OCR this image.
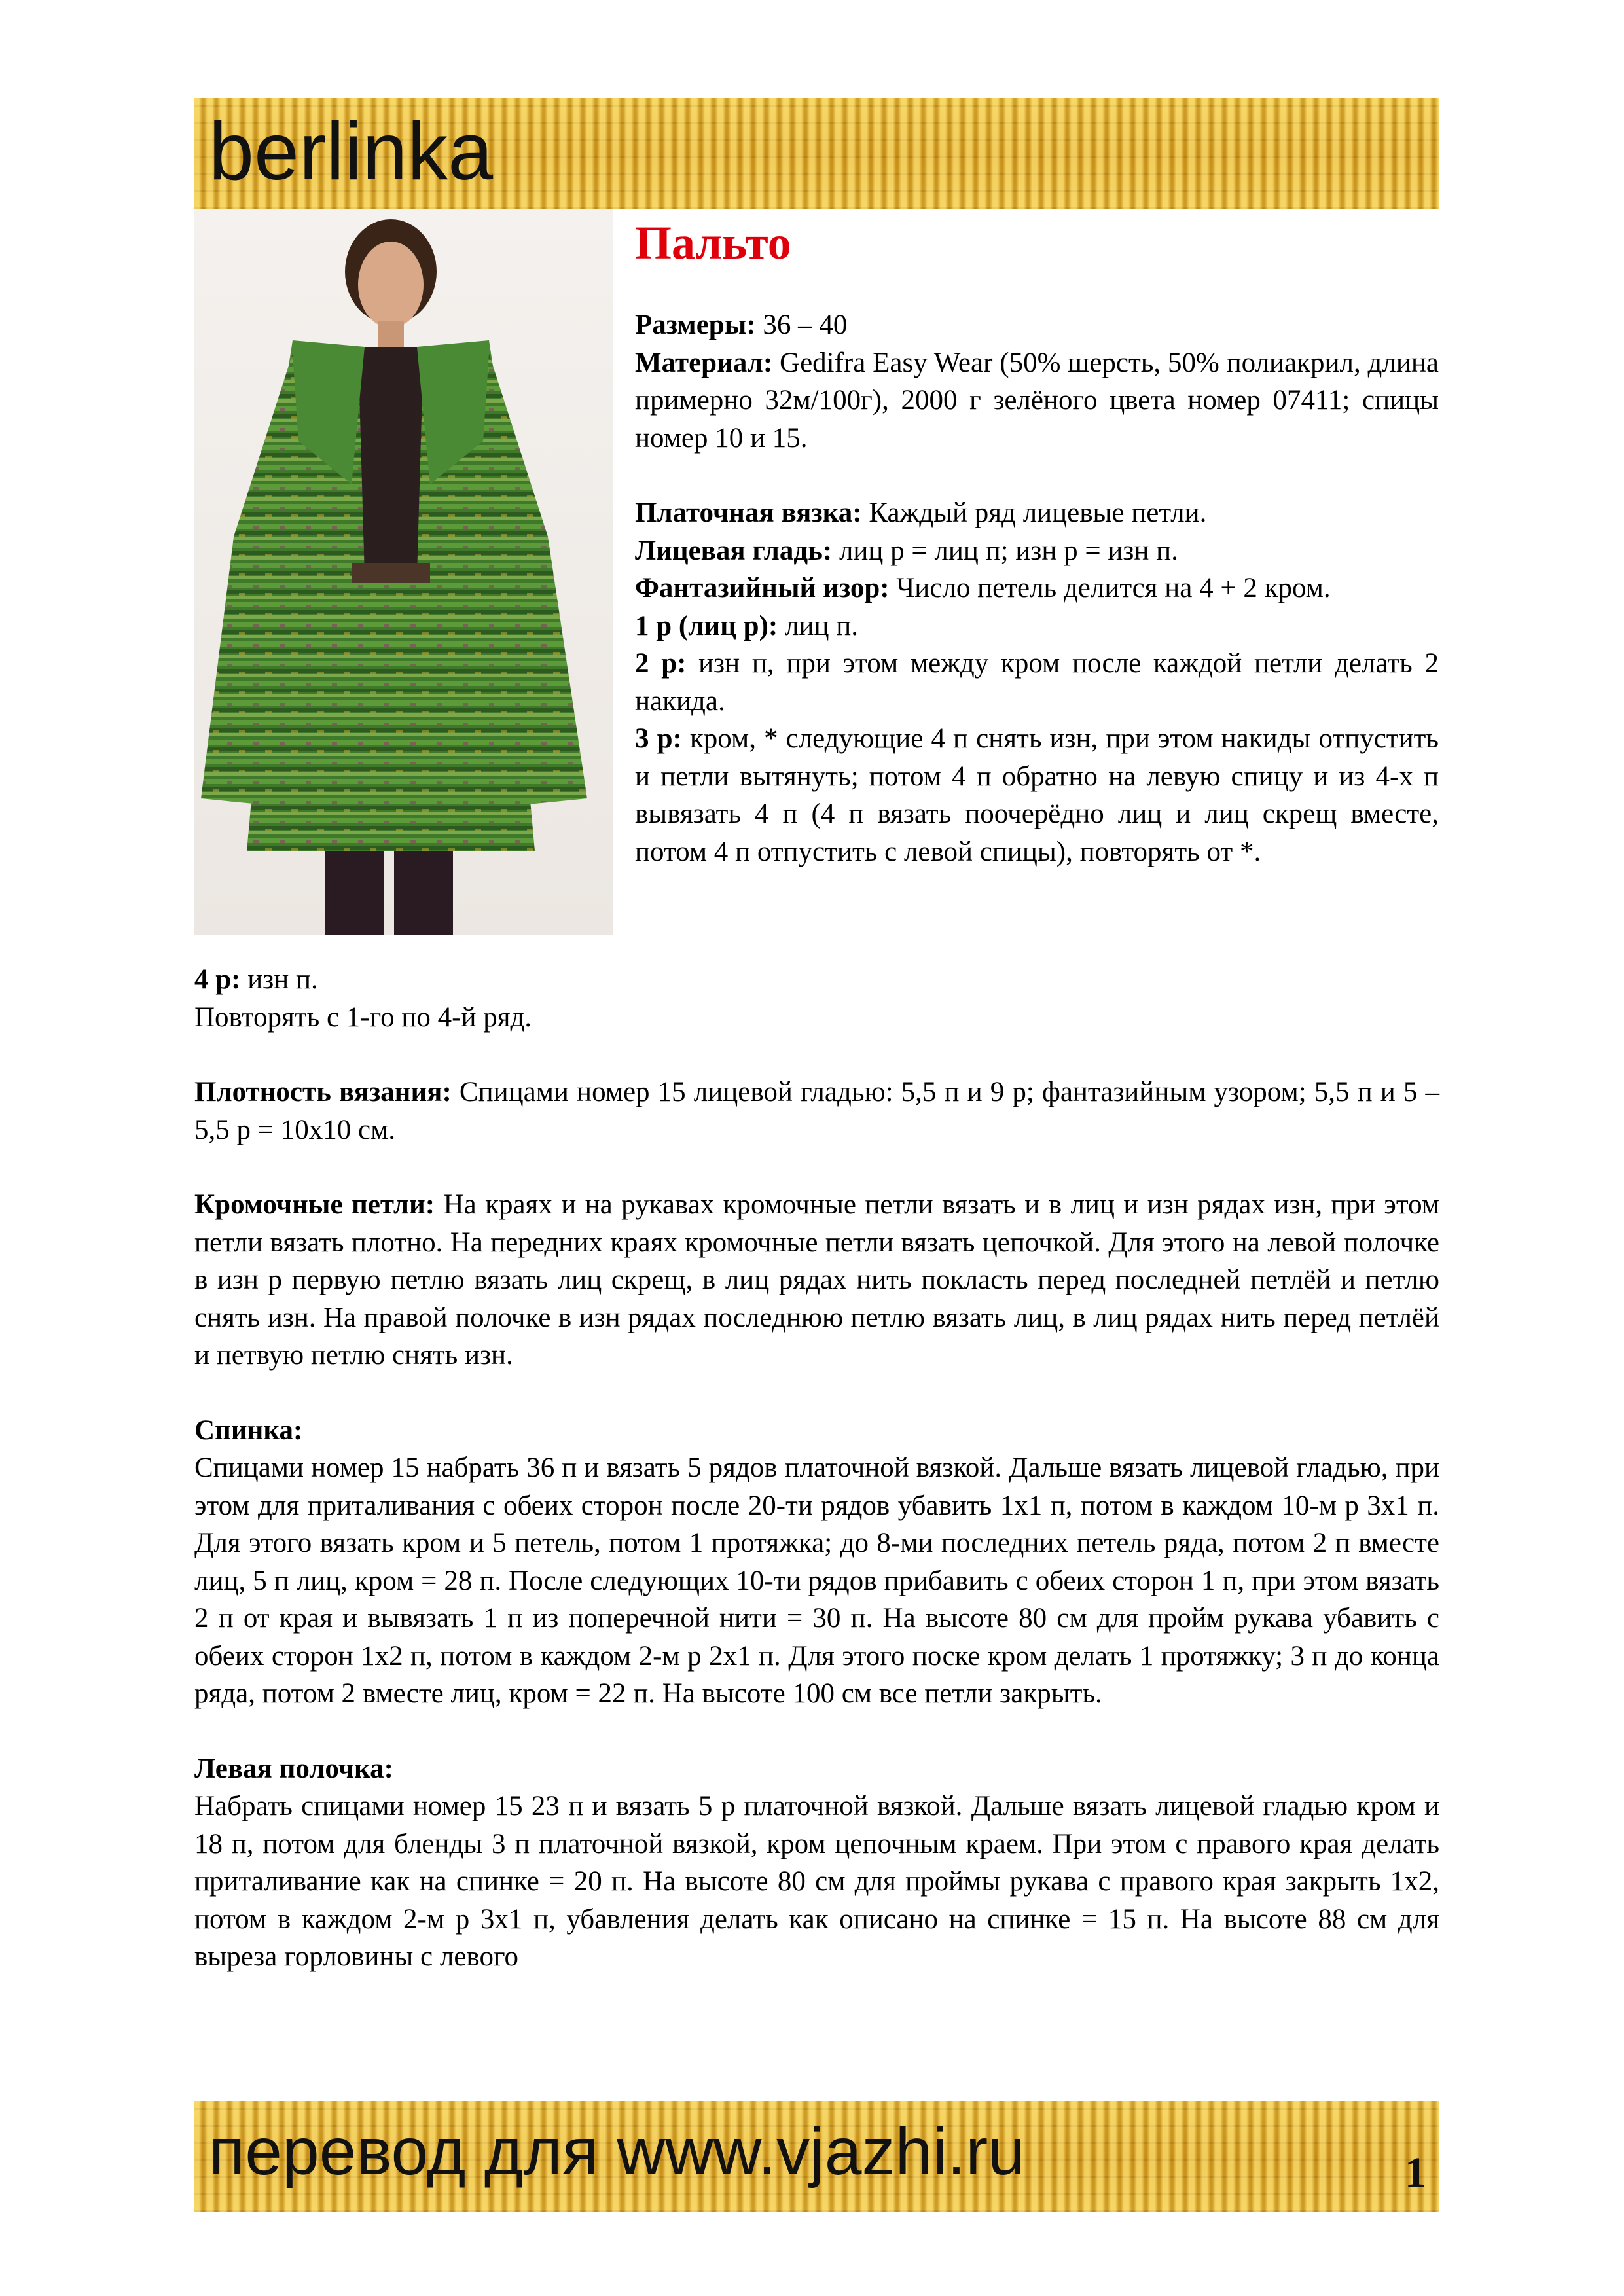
berlinka
Пальто

Размеры: 36 – 40

Материал: Gedifra Easy Wear (50% шерсть, 50% полиакрил, длина примерно 32м/100г), 2000 г зелёного цвета номер 07411; спицы номер 10 и 15.

Платочная вязка: Каждый ряд лицевые петли.

Лицевая гладь: лиц р = лиц п; изн р = изн п.

Фантазийный изор: Число петель делится на 4 + 2 кром.

1 р (лиц р): лиц п.

2 р: изн п, при этом между кром после каждой петли делать 2 накида.

3 р: кром, * следующие 4 п снять изн, при этом накиды отпустить и петли вытянуть; потом 4 п обратно на левую спицу и из 4-х п вывязать 4 п (4 п вязать поочерёдно лиц и лиц скрещ вместе, потом 4 п отпустить с левой спицы), повторять от *.

4 р: изн п.

Повторять с 1-го по 4-й ряд.

Плотность вязания: Спицами номер 15 лицевой гладью: 5,5 п и 9 р; фантазийным узором; 5,5 п и 5 – 5,5 р = 10х10 см.

Кромочные петли: На краях и на рукавах кромочные петли вязать и в лиц и изн рядах изн, при этом петли вязать плотно. На передних краях кромочные петли вязать цепочкой. Для этого на левой полочке в изн р первую петлю вязать лиц скрещ, в лиц рядах нить покласть перед последней петлёй и петлю снять изн. На правой полочке в изн рядах последнюю петлю вязать лиц, в лиц рядах нить перед петлёй и петвую петлю снять изн.

Спинка:

Спицами номер 15 набрать 36 п и вязать 5 рядов платочной вязкой. Дальше вязать лицевой гладью, при этом для приталивания с обеих сторон после 20-ти рядов убавить 1х1 п, потом в каждом 10-м р 3х1 п. Для этого вязать кром и 5 петель, потом 1 протяжка; до 8-ми последних петель ряда, потом 2 п вместе лиц, 5 п лиц, кром = 28 п. После следующих 10-ти рядов прибавить с обеих сторон 1 п, при этом вязать 2 п от края и вывязать 1 п из поперечной нити = 30 п. На высоте 80 см для пройм рукава убавить с обеих сторон 1х2 п, потом в каждом 2-м р 2х1 п. Для этого поске кром делать 1 протяжку; 3 п до конца ряда, потом 2 вместе лиц, кром = 22 п. На высоте 100 см все петли закрыть.

Левая полочка:

Набрать спицами номер 15 23 п и вязать 5 р платочной вязкой. Дальше вязать лицевой гладью кром и 18 п, потом для бленды 3 п платочной вязкой, кром цепочным краем. При этом с правого края делать приталивание как на спинке = 20 п. На высоте 80 см для проймы рукава с правого края закрыть 1х2, потом в каждом 2-м р 3х1 п, убавления делать как описано на спинке = 15 п. На высоте 88 см для выреза горловины с левого

перевод для www.vjazhi.ru	1
